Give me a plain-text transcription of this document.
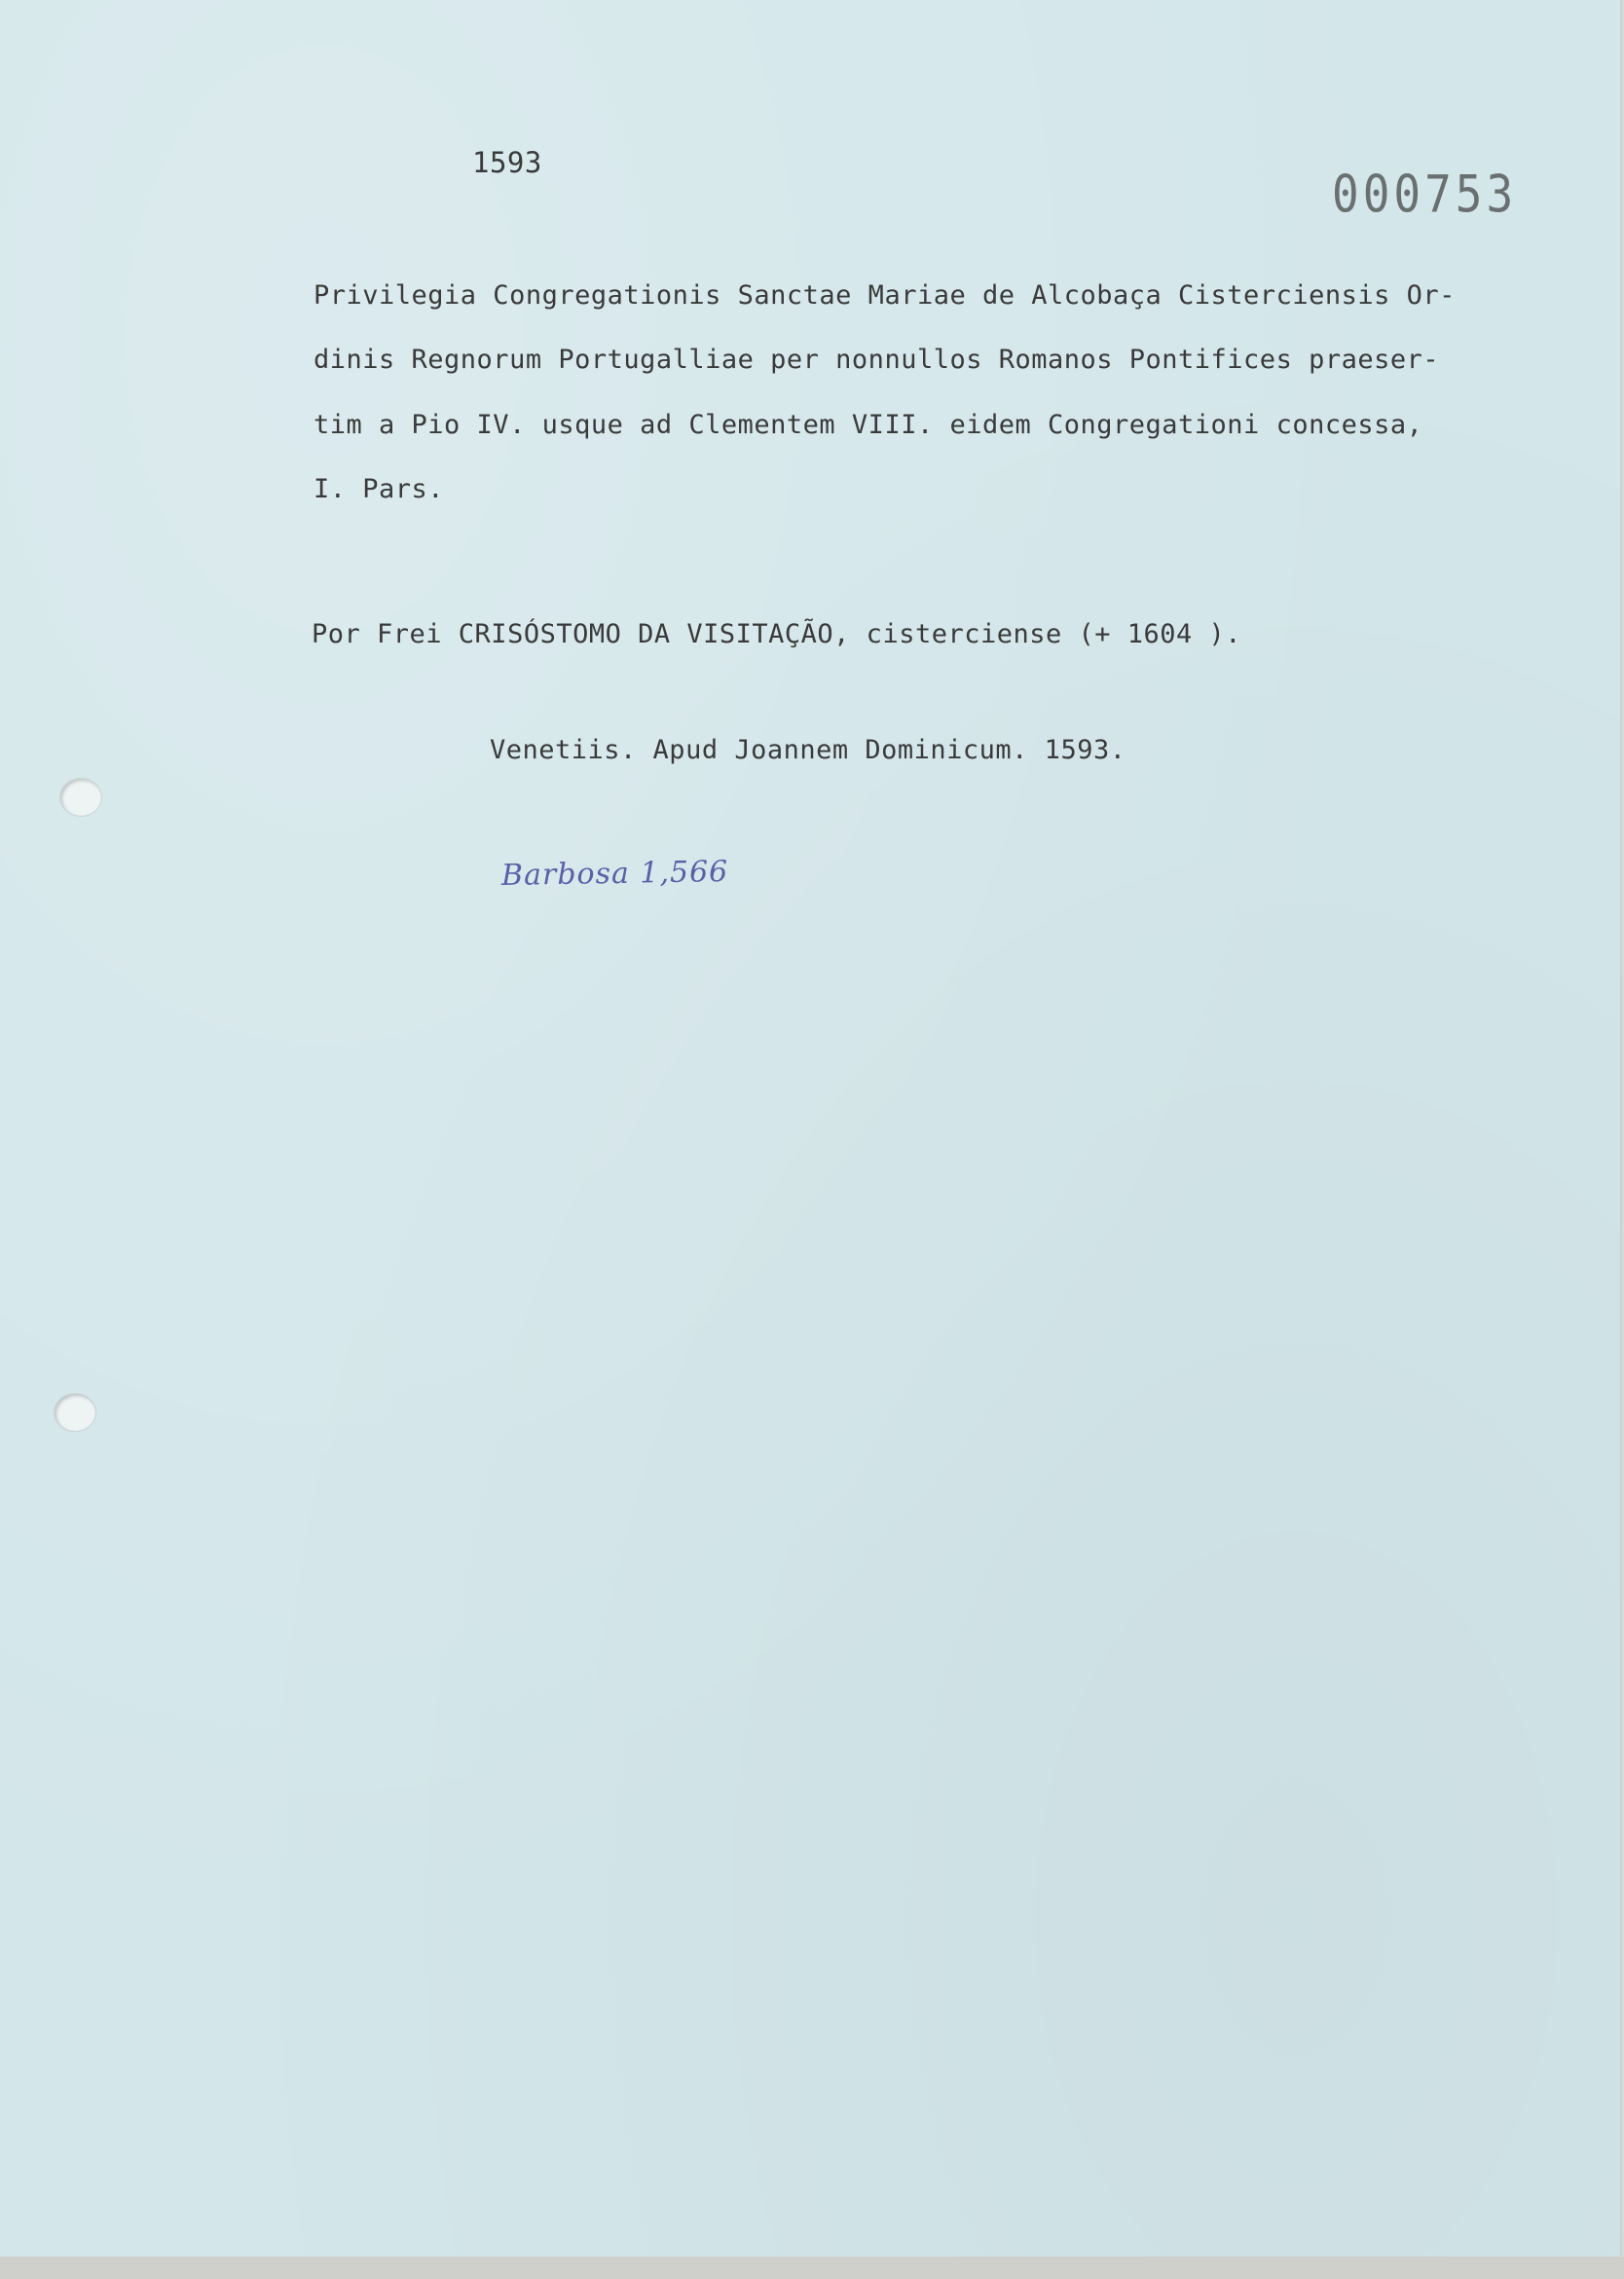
1593

000753

Privilegia Congregationis Sanctae Mariae de Alcobaça Cisterciensis Or-

dinis Regnorum Portugalliae per nonnullos Romanos Pontifices praeser-

tim a Pio IV. usque ad Clementem VIII. eidem Congregationi concessa,

I. Pars.

Por Frei CRISÓSTOMO DA VISITAÇÃO, cisterciense (+ 1604 ).

Venetiis. Apud Joannem Dominicum. 1593.

Barbosa 1,566
